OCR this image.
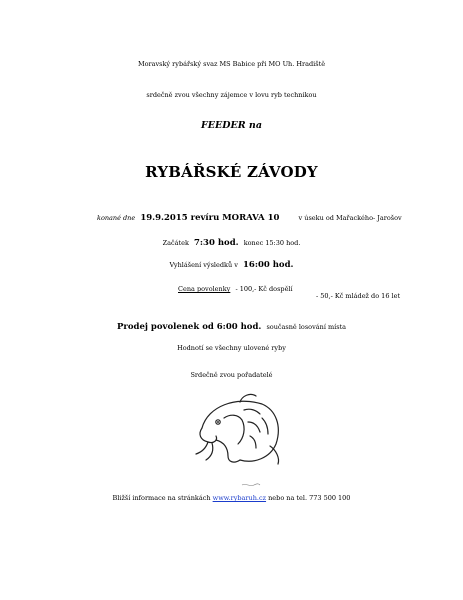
Moravský rybářský svaz MS Babice při MO Uh. Hradiště
srdečně zvou všechny zájemce v lovu ryb technikou
FEEDER na
RYBÁŘSKÉ ZÁVODY
konané dne 19.9.2015 revíru MORAVA 10	v úseku od Mařackého- Jarošov
Začátek 7:30 hod. konec 15:30 hod.
Vyhlášení výsledků v 16:00 hod.
Cena povolenky - 100,- Kč dospělí
- 50,- Kč mládež do 16 let
Prodej povolenek od 6:00 hod. současně losování místa
Hodnotí se všechny ulovené ryby
Srdečně zvou pořadatelé
Bližší informace na stránkách www.rybaruh.cz nebo na tel. 773 500 100
